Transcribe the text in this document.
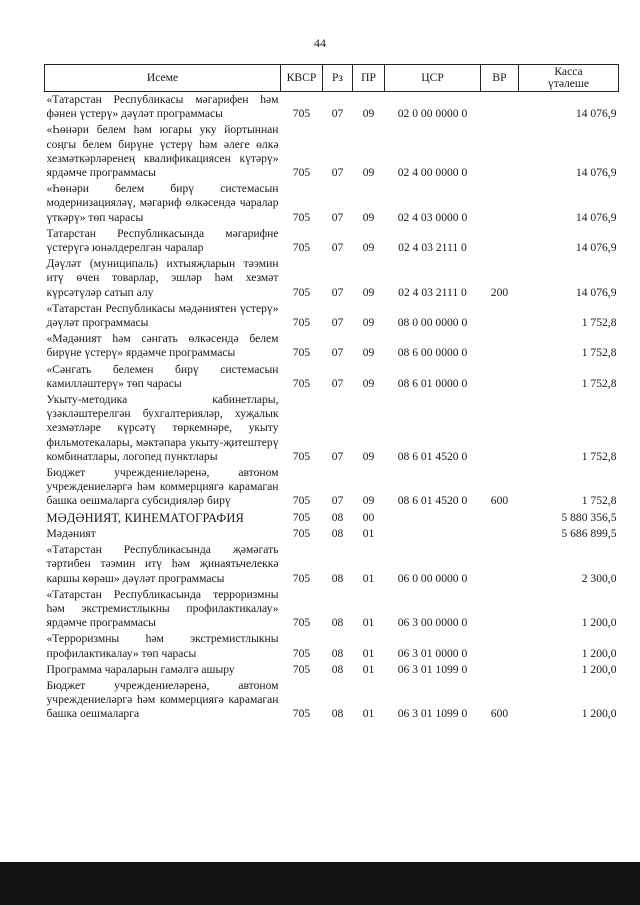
44
Исеме	КВСР	Рз	ПР	ЦСР	ВР	Касса
үтәлеше

«Татарстан Республикасы мәгарифен һәм фәнен үстерү» дәүләт программасы	705	07	09	02 0 00 0000 0		14 076,9
«Һөнәри белем һәм югары уку йортыннан соңгы белем бирүне үстерү һәм әлеге өлкә хезмәткәрләренең квалификациясен күтәрү» ярдәмче программасы	705	07	09	02 4 00 0000 0		14 076,9
«Һөнәри белем бирү системасын модернизацияләү, мәгариф өлкәсендә чаралар үткәрү» төп чарасы	705	07	09	02 4 03 0000 0		14 076,9
Татарстан Республикасында мәгарифне үстерүгә юнәлдерелгән чаралар	705	07	09	02 4 03 2111 0		14 076,9
Дәүләт (муниципаль) ихтыяҗларын тәэмин итү өчен товарлар, эшләр һәм хезмәт күрсәтүләр сатып алу	705	07	09	02 4 03 2111 0	200	14 076,9
«Татарстан Республикасы мәдәниятен үстерү» дәүләт программасы	705	07	09	08 0 00 0000 0		1 752,8
«Мәдәният һәм сәнгать өлкәсендә белем бирүне үстерү» ярдәмче программасы	705	07	09	08 6 00 0000 0		1 752,8
«Сәнгать белемен бирү системасын камилләштерү» төп чарасы	705	07	09	08 6 01 0000 0		1 752,8
Укыту-методика кабинетлары, үзәкләштерелгән бухгалтерияләр, хуҗалык хезмәтләре күрсәтү төркемнәре, укыту фильмотекалары, мәктәпара укыту-җитештерү комбинатлары, логопед пунктлары	705	07	09	08 6 01 4520 0		1 752,8
Бюджет учреждениеләренә, автоном учреждениеләргә һәм коммерциягә карамаган башка оешмаларга субсидияләр бирү	705	07	09	08 6 01 4520 0	600	1 752,8
МӘДӘНИЯТ, КИНЕМАТОГРАФИЯ	705	08	00			5 880 356,5
Мәдәният	705	08	01			5 686 899,5
«Татарстан Республикасында җәмәгать тәртибен тәэмин итү һәм җинаятьчелеккә каршы көрәш» дәүләт программасы	705	08	01	06 0 00 0000 0		2 300,0
«Татарстан Республикасында терроризмны һәм экстремистлыкны профилактикалау» ярдәмче программасы	705	08	01	06 3 00 0000 0		1 200,0
«Терроризмны һәм экстремистлыкны профилактикалау» төп чарасы	705	08	01	06 3 01 0000 0		1 200,0
Программа чараларын гамәлгә ашыру	705	08	01	06 3 01 1099 0		1 200,0
Бюджет учреждениеләренә, автоном учреждениеләргә һәм коммерциягә карамаган башка оешмаларга	705	08	01	06 3 01 1099 0	600	1 200,0
